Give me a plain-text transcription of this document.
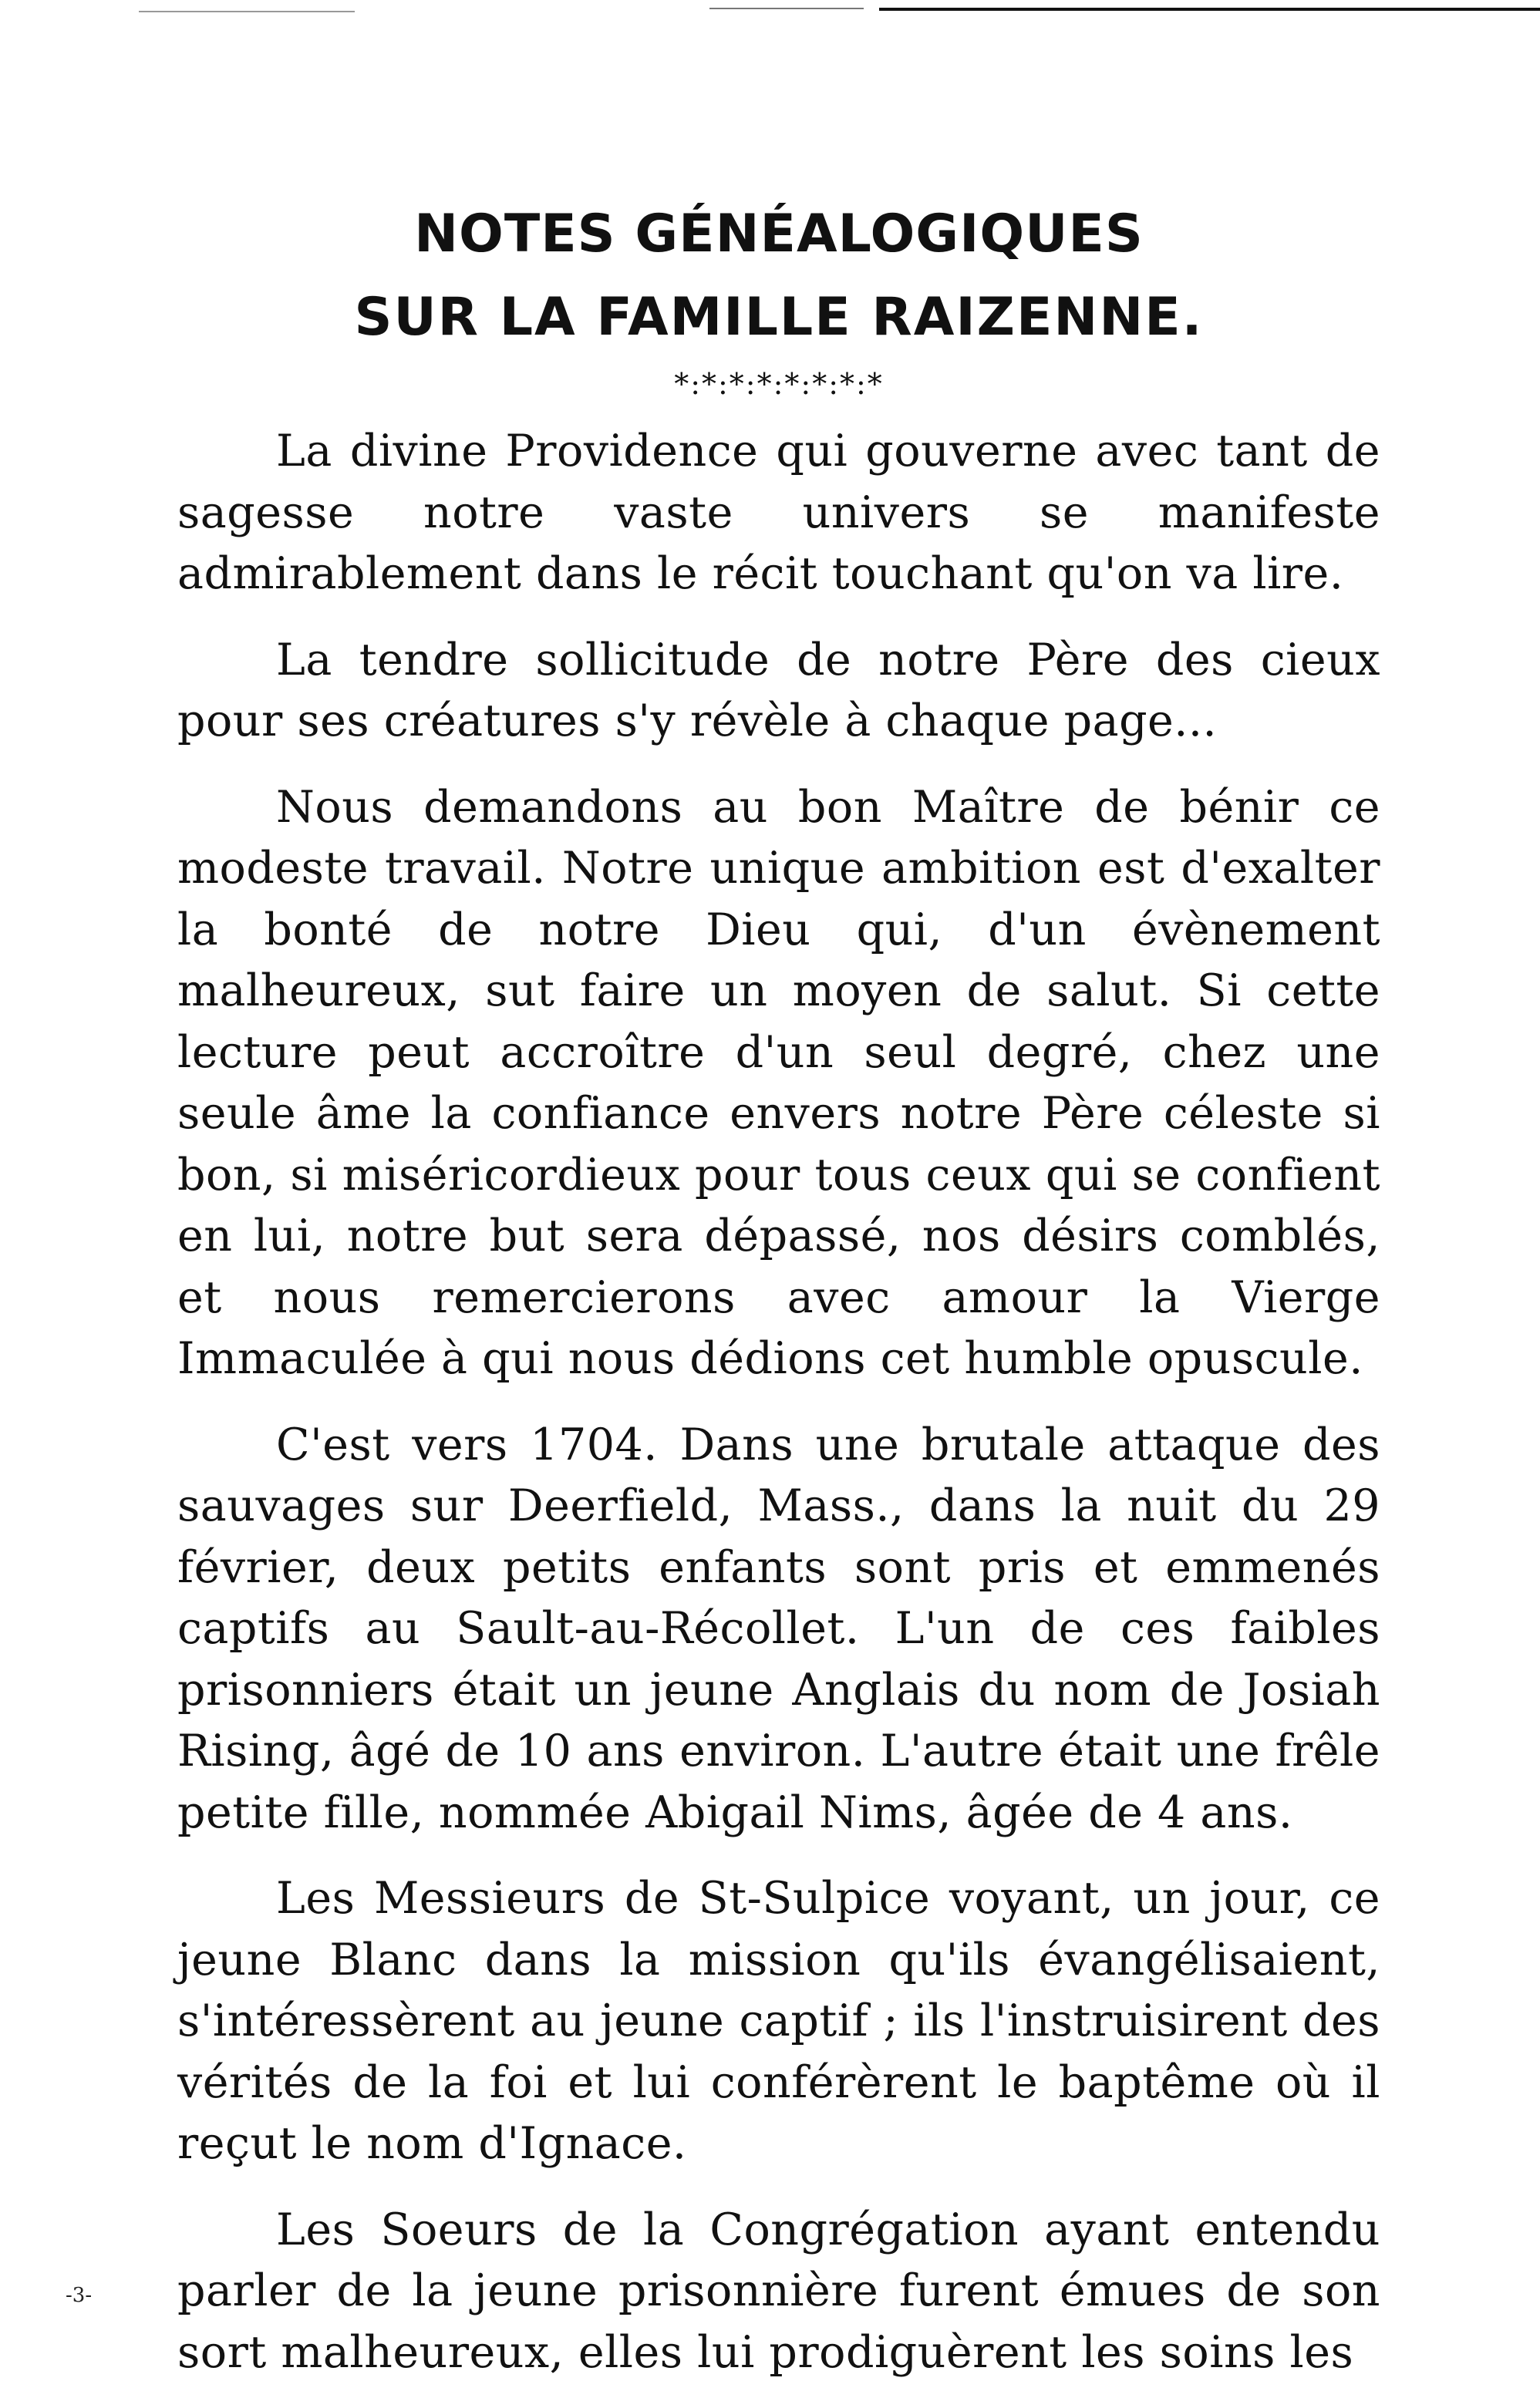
NOTES GÉNÉALOGIQUES
SUR LA FAMILLE RAIZENNE.
*:*:*:*:*:*:*:*

La divine Providence qui gouverne avec tant de sagesse notre vaste univers se manifeste admirablement dans le récit touchant qu'on va lire.

La tendre sollicitude de notre Père des cieux pour ses créatures s'y révèle à chaque page...

Nous demandons au bon Maître de bénir ce modeste travail. Notre unique ambition est d'exalter la bonté de notre Dieu qui, d'un évènement malheureux, sut faire un moyen de salut. Si cette lecture peut accroître d'un seul degré, chez une seule âme la confiance envers notre Père céleste si bon, si miséricordieux pour tous ceux qui se confient en lui, notre but sera dépassé, nos désirs comblés, et nous remercierons avec amour la Vierge Immaculée à qui nous dédions cet humble opuscule.

C'est vers 1704. Dans une brutale attaque des sauvages sur Deerfield, Mass., dans la nuit du 29 février, deux petits enfants sont pris et emmenés captifs au Sault-au-Récollet. L'un de ces faibles prisonniers était un jeune Anglais du nom de Josiah Rising, âgé de 10 ans environ. L'autre était une frêle petite fille, nommée Abigail Nims, âgée de 4 ans.

Les Messieurs de St-Sulpice voyant, un jour, ce jeune Blanc dans la mission qu'ils évangélisaient, s'intéressèrent au jeune captif ; ils l'instruisirent des vérités de la foi et lui conférèrent le baptême où il reçut le nom d'Ignace.

Les Soeurs de la Congrégation ayant entendu parler de la jeune prisonnière furent émues de son sort malheureux, elles lui prodiguèrent les soins les

-3-
